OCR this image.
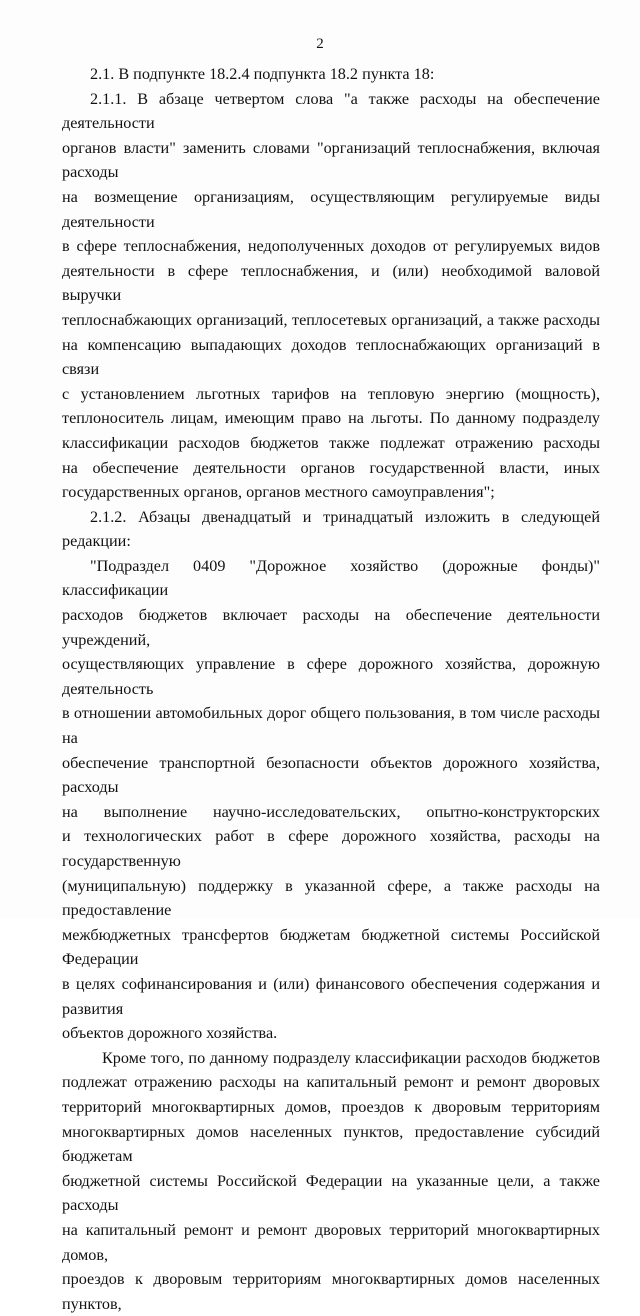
2

2.1. В подпункте 18.2.4 подпункта 18.2 пункта 18:

2.1.1. В абзаце четвертом слова "а также расходы на обеспечение деятельности

органов власти" заменить словами "организаций теплоснабжения, включая расходы

на возмещение организациям, осуществляющим регулируемые виды деятельности

в сфере теплоснабжения, недополученных доходов от регулируемых видов

деятельности в сфере теплоснабжения, и (или) необходимой валовой выручки

теплоснабжающих организаций, теплосетевых организаций, а также расходы

на компенсацию выпадающих доходов теплоснабжающих организаций в связи

с установлением льготных тарифов на тепловую энергию (мощность),

теплоноситель лицам, имеющим право на льготы. По данному подразделу

классификации расходов бюджетов также подлежат отражению расходы

на обеспечение деятельности органов государственной власти, иных

государственных органов, органов местного самоуправления";

2.1.2. Абзацы двенадцатый и тринадцатый изложить в следующей редакции:

"Подраздел 0409 "Дорожное хозяйство (дорожные фонды)" классификации

расходов бюджетов включает расходы на обеспечение деятельности учреждений,

осуществляющих управление в сфере дорожного хозяйства, дорожную деятельность

в отношении автомобильных дорог общего пользования, в том числе расходы на

обеспечение транспортной безопасности объектов дорожного хозяйства, расходы

на выполнение научно-исследовательских, опытно-конструкторских

и технологических работ в сфере дорожного хозяйства, расходы на государственную

(муниципальную) поддержку в указанной сфере, а также расходы на предоставление

межбюджетных трансфертов бюджетам бюджетной системы Российской Федерации

в целях софинансирования и (или) финансового обеспечения содержания и развития

объектов дорожного хозяйства.

Кроме того, по данному подразделу классификации расходов бюджетов

подлежат отражению расходы на капитальный ремонт и ремонт дворовых

территорий многоквартирных домов, проездов к дворовым территориям

многоквартирных домов населенных пунктов, предоставление субсидий бюджетам

бюджетной системы Российской Федерации на указанные цели, а также расходы

на капитальный ремонт и ремонт дворовых территорий многоквартирных домов,

проездов к дворовым территориям многоквартирных домов населенных пунктов,
